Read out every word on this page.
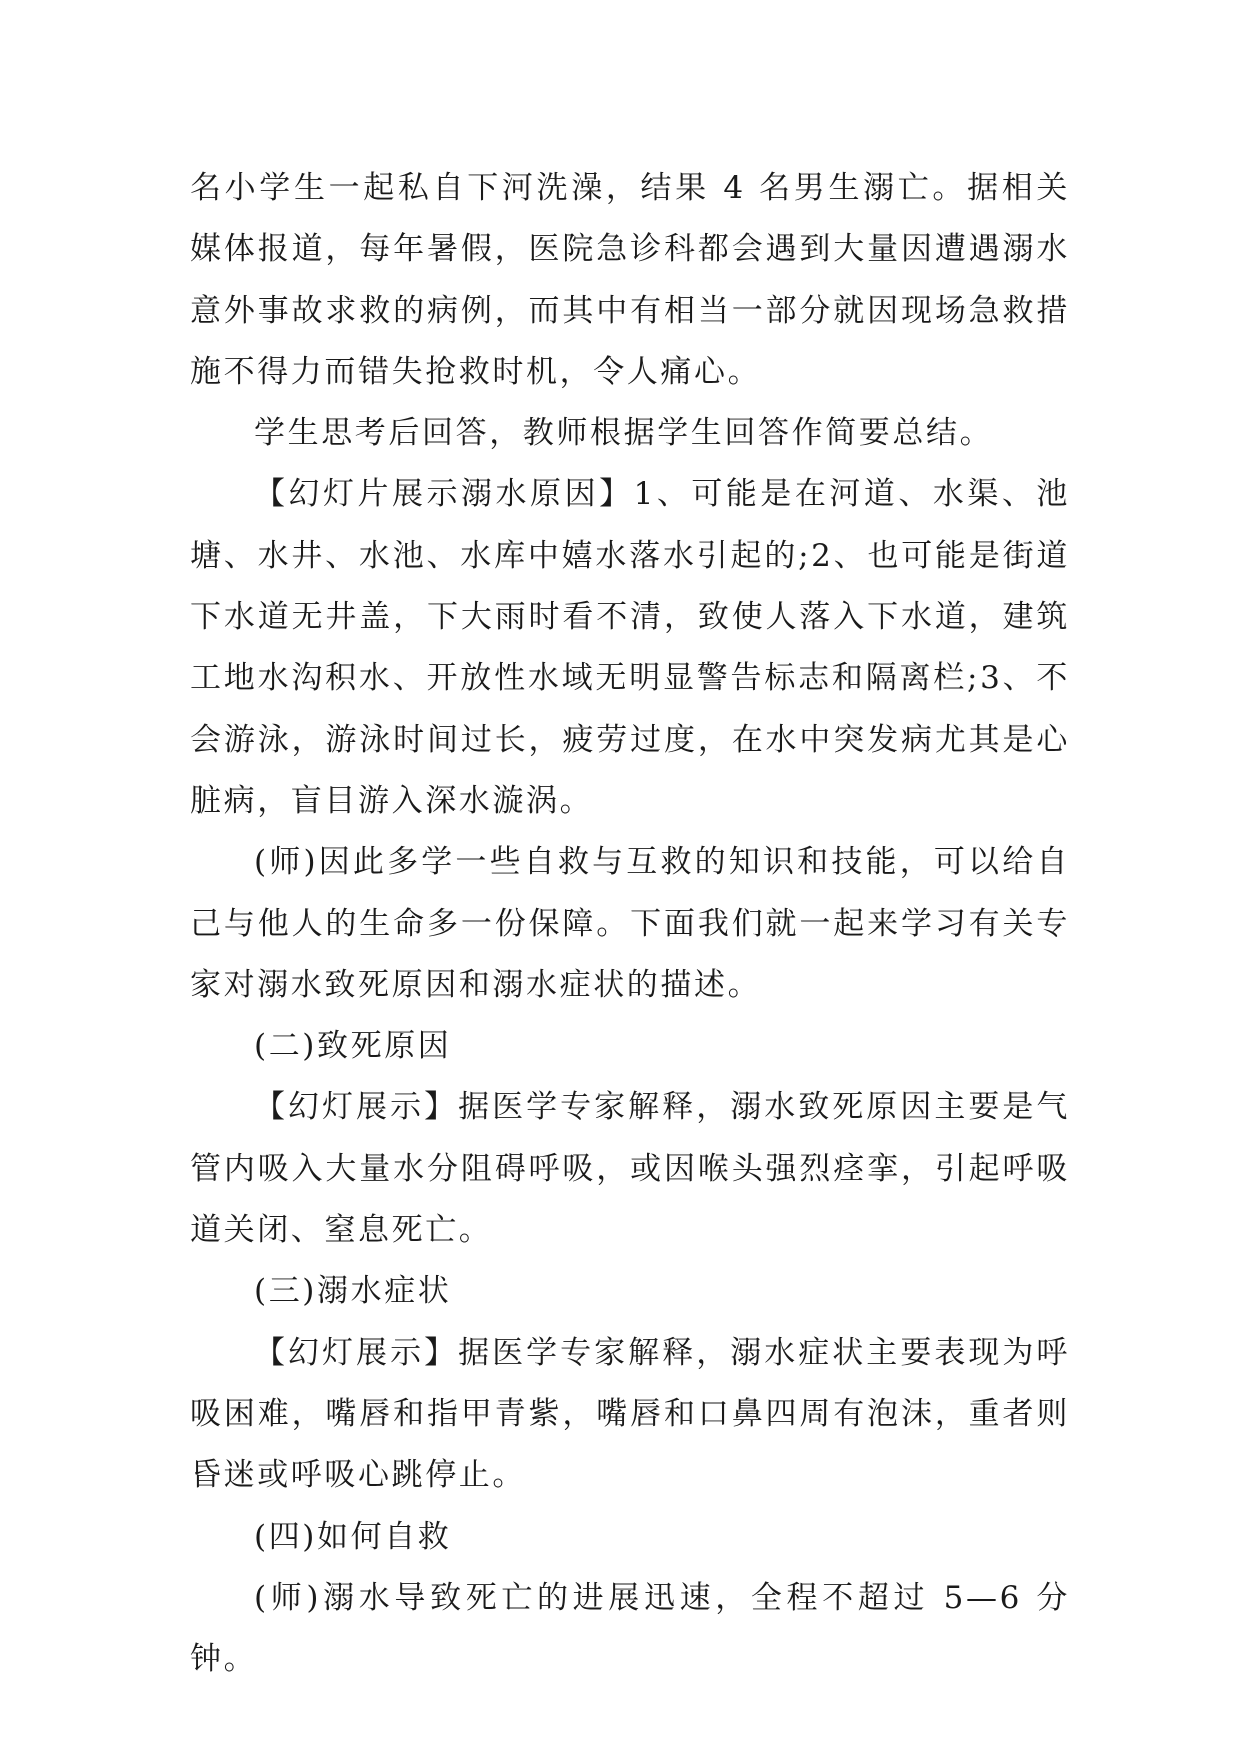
名小学生一起私自下河洗澡，结果 4 名男生溺亡。据相关媒体报道，每年暑假，医院急诊科都会遇到大量因遭遇溺水意外事故求救的病例，而其中有相当一部分就因现场急救措施不得力而错失抢救时机，令人痛心。

学生思考后回答，教师根据学生回答作简要总结。

【幻灯片展示溺水原因】1、可能是在河道、水渠、池塘、水井、水池、水库中嬉水落水引起的;2、也可能是街道下水道无井盖，下大雨时看不清，致使人落入下水道，建筑工地水沟积水、开放性水域无明显警告标志和隔离栏;3、不会游泳，游泳时间过长，疲劳过度，在水中突发病尤其是心脏病，盲目游入深水漩涡。

(师)因此多学一些自救与互救的知识和技能，可以给自己与他人的生命多一份保障。下面我们就一起来学习有关专家对溺水致死原因和溺水症状的描述。

(二)致死原因

【幻灯展示】据医学专家解释，溺水致死原因主要是气管内吸入大量水分阻碍呼吸，或因喉头强烈痉挛，引起呼吸道关闭、窒息死亡。

(三)溺水症状

【幻灯展示】据医学专家解释，溺水症状主要表现为呼吸困难，嘴唇和指甲青紫，嘴唇和口鼻四周有泡沫，重者则昏迷或呼吸心跳停止。

(四)如何自救

(师)溺水导致死亡的进展迅速，全程不超过 5—6 分钟。
